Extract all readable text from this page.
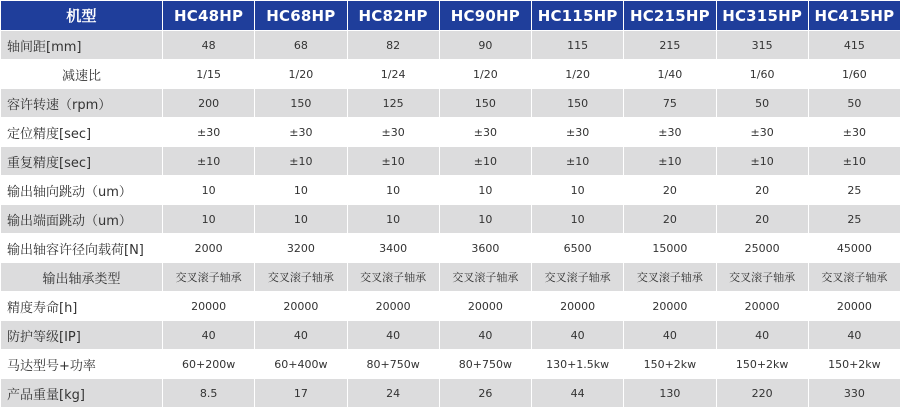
机型	HC48HP	HC68HP	HC82HP	HC90HP	HC115HP	HC215HP	HC315HP	HC415HP
轴间距[mm]	48	68	82	90	115	215	315	415
减速比	1/15	1/20	1/24	1/20	1/20	1/40	1/60	1/60
容许转速（rpm）	200	150	125	150	150	75	50	50
定位精度[sec]	±30	±30	±30	±30	±30	±30	±30	±30
重复精度[sec]	±10	±10	±10	±10	±10	±10	±10	±10
输出轴向跳动（um）	10	10	10	10	10	20	20	25
输出端面跳动（um）	10	10	10	10	10	20	20	25
输出轴容许径向载荷[N]	2000	3200	3400	3600	6500	15000	25000	45000
输出轴承类型	交叉滚子轴承	交叉滚子轴承	交叉滚子轴承	交叉滚子轴承	交叉滚子轴承	交叉滚子轴承	交叉滚子轴承	交叉滚子轴承
精度寿命[h]	20000	20000	20000	20000	20000	20000	20000	20000
防护等级[IP]	40	40	40	40	40	40	40	40
马达型号+功率	60+200w	60+400w	80+750w	80+750w	130+1.5kw	150+2kw	150+2kw	150+2kw
产品重量[kg]	8.5	17	24	26	44	130	220	330
